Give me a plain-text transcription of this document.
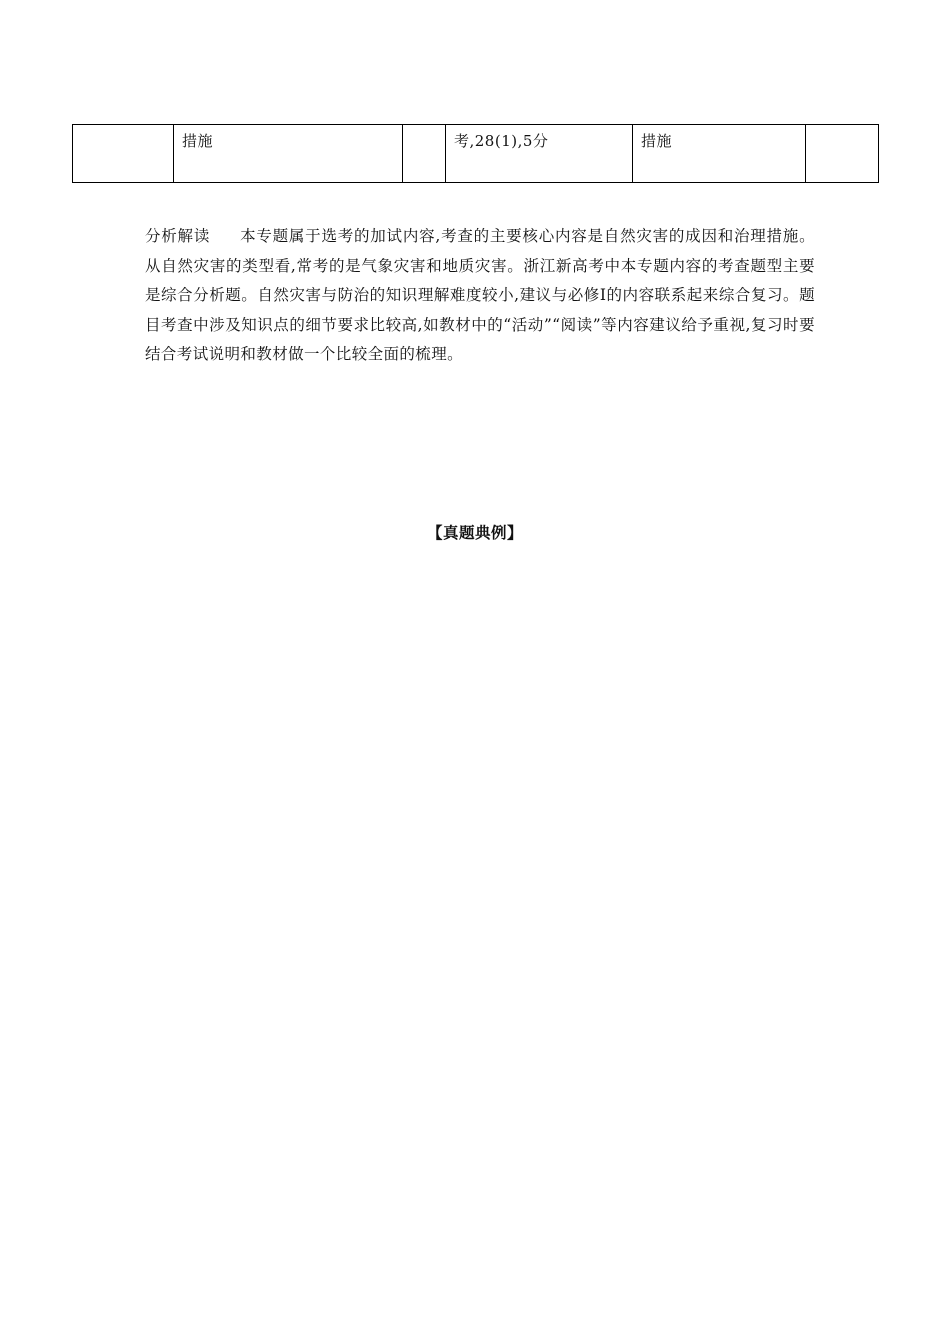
	措施		考,28(1),5分	措施	
分析解读 本专题属于选考的加试内容,考查的主要核心内容是自然灾害的成因和治理措施。从自然灾害的类型看,常考的是气象灾害和地质灾害。浙江新高考中本专题内容的考查题型主要是综合分析题。自然灾害与防治的知识理解难度较小,建议与必修Ⅰ的内容联系起来综合复习。题目考查中涉及知识点的细节要求比较高,如教材中的“活动”“阅读”等内容建议给予重视,复习时要结合考试说明和教材做一个比较全面的梳理。
【真题典例】
